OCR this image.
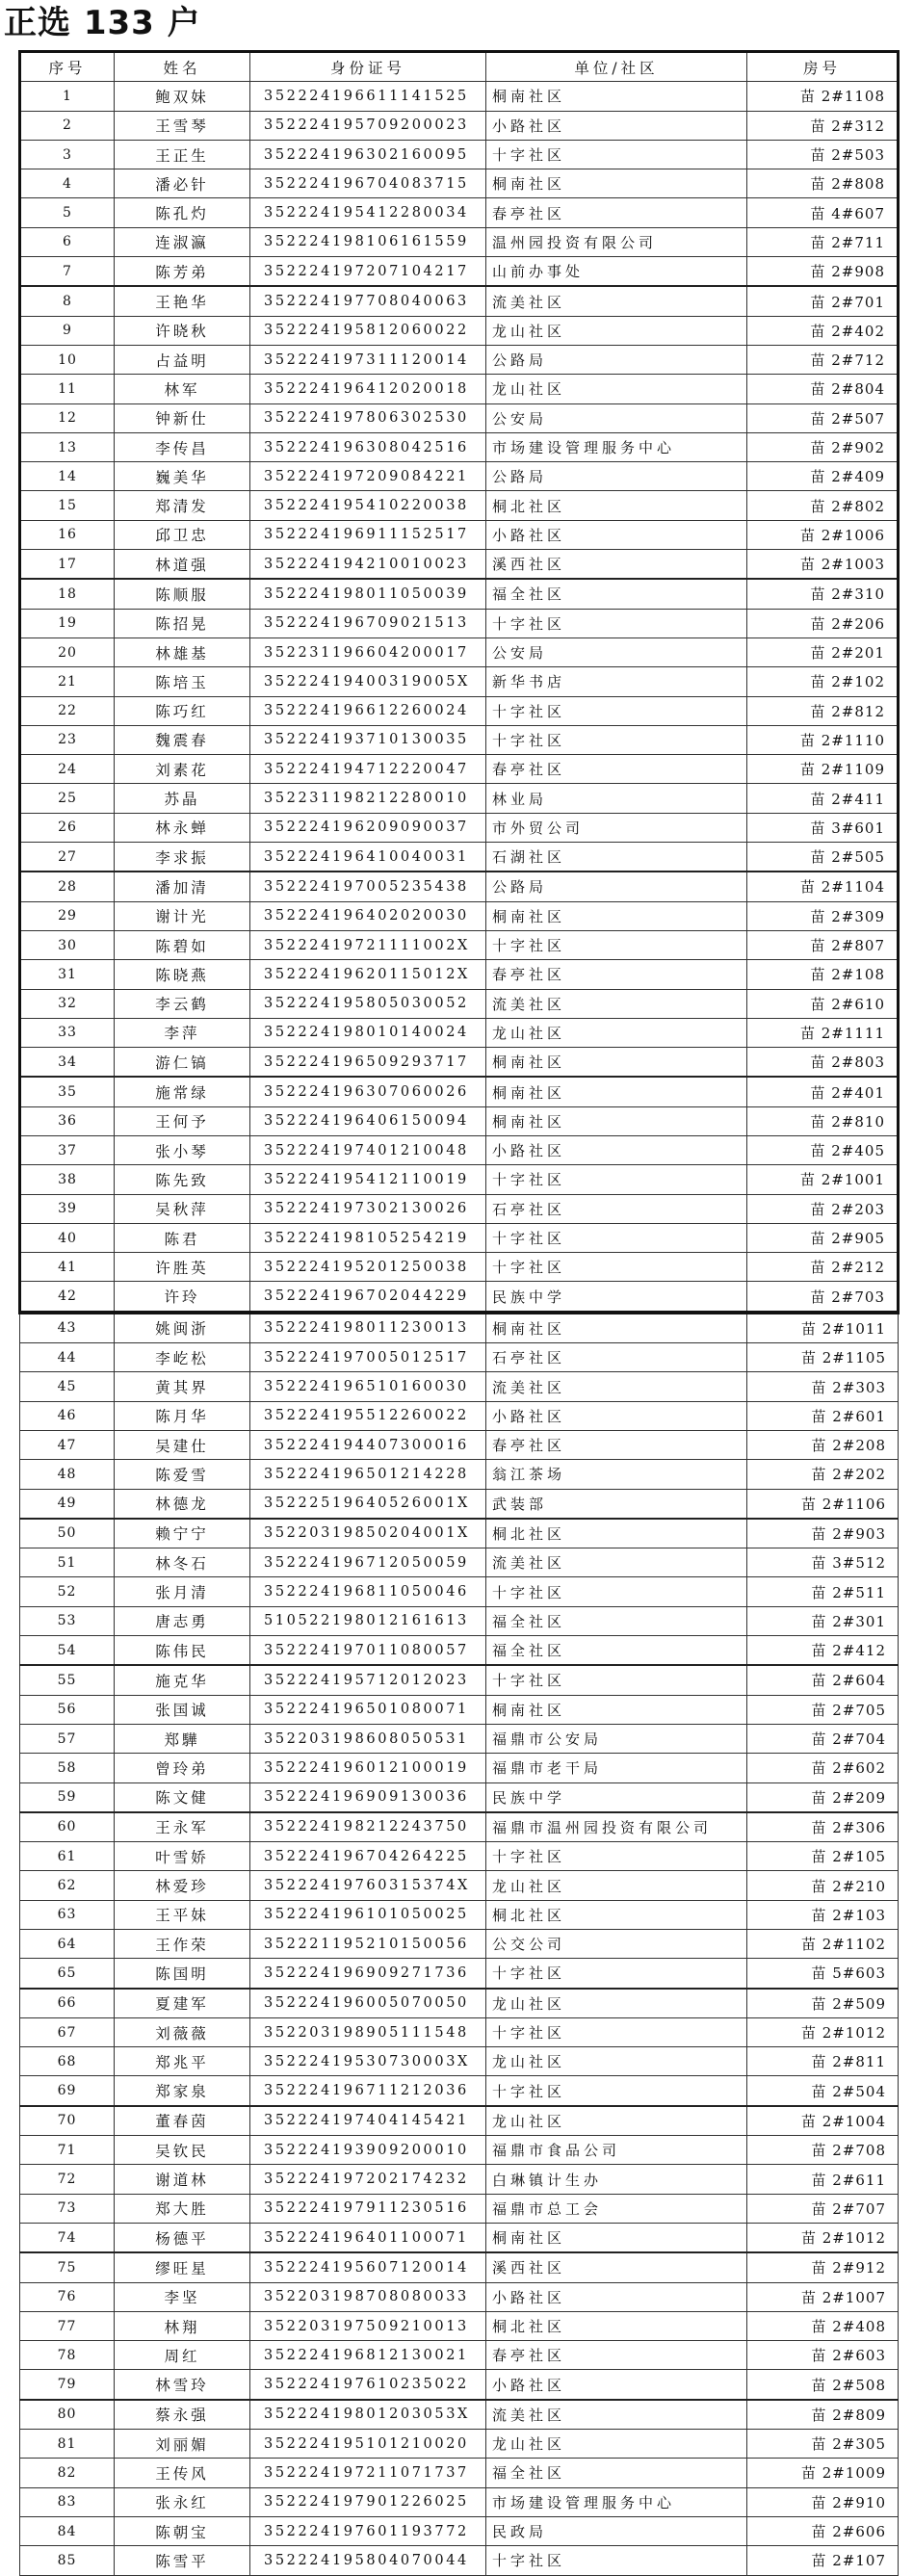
正选 133 户
序号	姓名	身份证号	单位/社区	房号
1	鲍双妹	352224196611141525	桐南社区	苗 2#1108
2	王雪琴	352224195709200023	小路社区	苗 2#312
3	王正生	352224196302160095	十字社区	苗 2#503
4	潘必针	352224196704083715	桐南社区	苗 2#808
5	陈孔灼	352224195412280034	春亭社区	苗 4#607
6	连淑瀛	352224198106161559	温州园投资有限公司	苗 2#711
7	陈芳弟	352224197207104217	山前办事处	苗 2#908
8	王艳华	352224197708040063	流美社区	苗 2#701
9	许晓秋	352224195812060022	龙山社区	苗 2#402
10	占益明	352224197311120014	公路局	苗 2#712
11	林军	352224196412020018	龙山社区	苗 2#804
12	钟新仕	352224197806302530	公安局	苗 2#507
13	李传昌	352224196308042516	市场建设管理服务中心	苗 2#902
14	巍美华	352224197209084221	公路局	苗 2#409
15	郑清发	352224195410220038	桐北社区	苗 2#802
16	邱卫忠	352224196911152517	小路社区	苗 2#1006
17	林道强	352224194210010023	溪西社区	苗 2#1003
18	陈顺服	352224198011050039	福全社区	苗 2#310
19	陈招晃	352224196709021513	十字社区	苗 2#206
20	林雄基	352231196604200017	公安局	苗 2#201
21	陈培玉	35222419400319005X	新华书店	苗 2#102
22	陈巧红	352224196612260024	十字社区	苗 2#812
23	魏震春	352224193710130035	十字社区	苗 2#1110
24	刘素花	352224194712220047	春亭社区	苗 2#1109
25	苏晶	352231198212280010	林业局	苗 2#411
26	林永蝉	352224196209090037	市外贸公司	苗 3#601
27	李求振	352224196410040031	石湖社区	苗 2#505
28	潘加清	352224197005235438	公路局	苗 2#1104
29	谢计光	352224196402020030	桐南社区	苗 2#309
30	陈碧如	35222419721111002X	十字社区	苗 2#807
31	陈晓燕	35222419620115012X	春亭社区	苗 2#108
32	李云鹤	352224195805030052	流美社区	苗 2#610
33	李萍	352224198010140024	龙山社区	苗 2#1111
34	游仁镐	352224196509293717	桐南社区	苗 2#803
35	施常绿	352224196307060026	桐南社区	苗 2#401
36	王何予	352224196406150094	桐南社区	苗 2#810
37	张小琴	352224197401210048	小路社区	苗 2#405
38	陈先致	352224195412110019	十字社区	苗 2#1001
39	吴秋萍	352224197302130026	石亭社区	苗 2#203
40	陈君	352224198105254219	十字社区	苗 2#905
41	许胜英	352224195201250038	十字社区	苗 2#212
42	许玲	352224196702044229	民族中学	苗 2#703
43	姚闽浙	352224198011230013	桐南社区	苗 2#1011
44	李屹松	352224197005012517	石亭社区	苗 2#1105
45	黄其界	352224196510160030	流美社区	苗 2#303
46	陈月华	352224195512260022	小路社区	苗 2#601
47	吴建仕	352224194407300016	春亭社区	苗 2#208
48	陈爱雪	352224196501214228	翁江茶场	苗 2#202
49	林德龙	35222519640526001X	武装部	苗 2#1106
50	赖宁宁	35220319850204001X	桐北社区	苗 2#903
51	林冬石	352224196712050059	流美社区	苗 3#512
52	张月清	352224196811050046	十字社区	苗 2#511
53	唐志勇	510522198012161613	福全社区	苗 2#301
54	陈伟民	352224197011080057	福全社区	苗 2#412
55	施克华	352224195712012023	十字社区	苗 2#604
56	张国诚	352224196501080071	桐南社区	苗 2#705
57	郑驊	352203198608050531	福鼎市公安局	苗 2#704
58	曾玲弟	352224196012100019	福鼎市老干局	苗 2#602
59	陈文健	352224196909130036	民族中学	苗 2#209
60	王永军	352224198212243750	福鼎市温州园投资有限公司	苗 2#306
61	叶雪娇	352224196704264225	十字社区	苗 2#105
62	林爱珍	35222419760315374X	龙山社区	苗 2#210
63	王平妹	352224196101050025	桐北社区	苗 2#103
64	王作荣	352221195210150056	公交公司	苗 2#1102
65	陈国明	352224196909271736	十字社区	苗 5#603
66	夏建军	352224196005070050	龙山社区	苗 2#509
67	刘薇薇	352203198905111548	十字社区	苗 2#1012
68	郑兆平	35222419530730003X	龙山社区	苗 2#811
69	郑家泉	352224196711212036	十字社区	苗 2#504
70	董春茵	352224197404145421	龙山社区	苗 2#1004
71	吴钦民	352224193909200010	福鼎市食品公司	苗 2#708
72	谢道林	352224197202174232	白琳镇计生办	苗 2#611
73	郑大胜	352224197911230516	福鼎市总工会	苗 2#707
74	杨德平	352224196401100071	桐南社区	苗 2#1012
75	缪旺星	352224195607120014	溪西社区	苗 2#912
76	李坚	352203198708080033	小路社区	苗 2#1007
77	林翔	352203197509210013	桐北社区	苗 2#408
78	周红	352224196812130021	春亭社区	苗 2#603
79	林雪玲	352224197610235022	小路社区	苗 2#508
80	蔡永强	35222419801203053X	流美社区	苗 2#809
81	刘丽媚	352224195101210020	龙山社区	苗 2#305
82	王传风	352224197211071737	福全社区	苗 2#1009
83	张永红	352224197901226025	市场建设管理服务中心	苗 2#910
84	陈朝宝	352224197601193772	民政局	苗 2#606
85	陈雪平	352224195804070044	十字社区	苗 2#107
